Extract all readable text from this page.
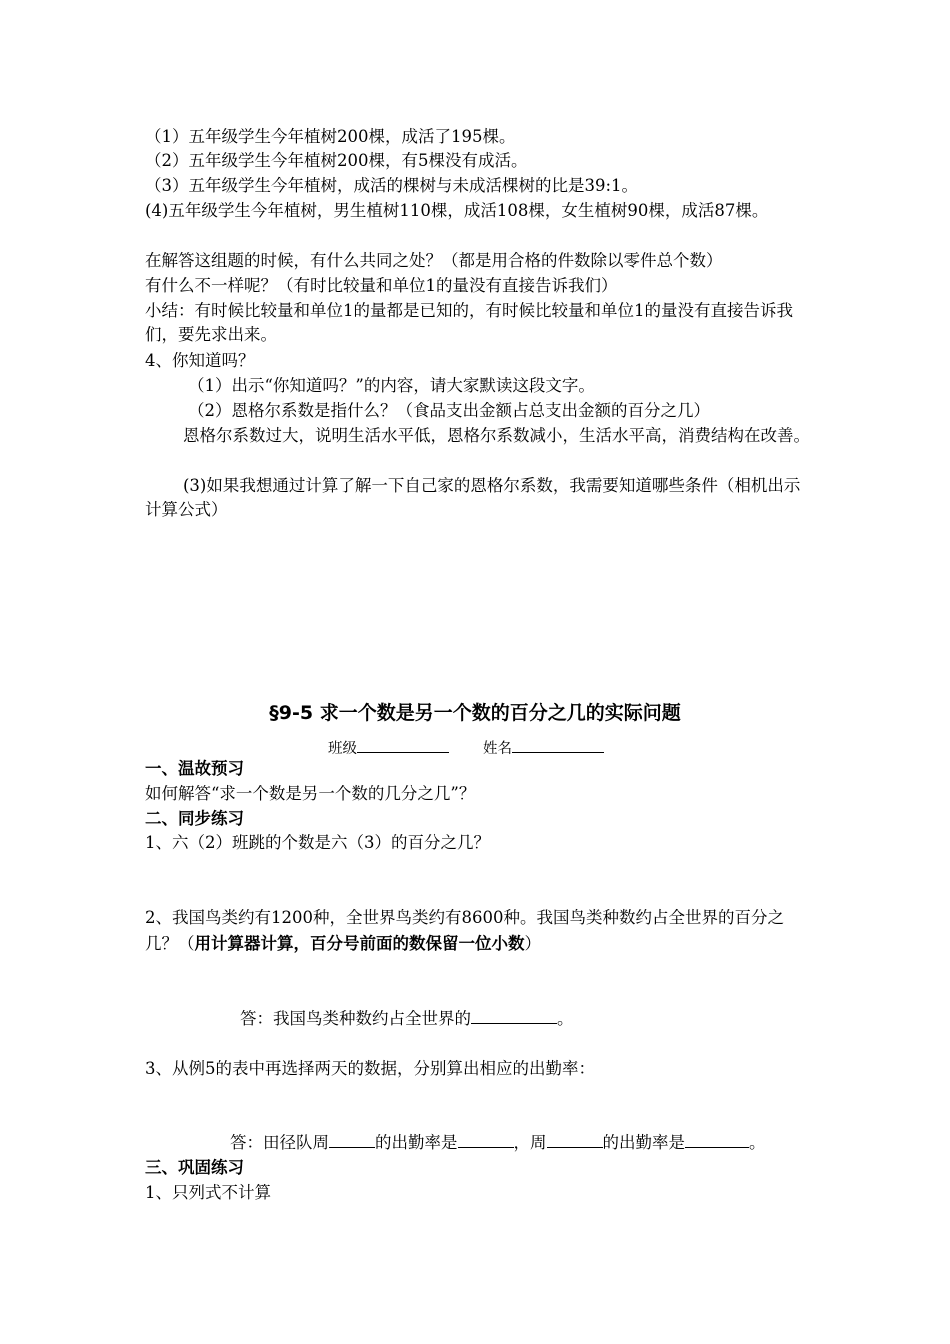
（1）五年级学生今年植树200棵，成活了195棵。
（2）五年级学生今年植树200棵，有5棵没有成活。
（3）五年级学生今年植树，成活的棵树与未成活棵树的比是39:1。
(4)五年级学生今年植树，男生植树110棵，成活108棵，女生植树90棵，成活87棵。
在解答这组题的时候，有什么共同之处？（都是用合格的件数除以零件总个数）
有什么不一样呢？（有时比较量和单位1的量没有直接告诉我们）
小结：有时候比较量和单位1的量都是已知的，有时候比较量和单位1的量没有直接告诉我们，要先求出来。
4、你知道吗？
（1）出示“你知道吗？”的内容，请大家默读这段文字。
（2）恩格尔系数是指什么？（食品支出金额占总支出金额的百分之几）
恩格尔系数过大，说明生活水平低，恩格尔系数减小，生活水平高，消费结构在改善。
(3)如果我想通过计算了解一下自己家的恩格尔系数，我需要知道哪些条件（相机出示计算公式）
§9-5 求一个数是另一个数的百分之几的实际问题
班级	姓名
一、温故预习
如何解答“求一个数是另一个数的几分之几”？
二、同步练习
1、六（2）班跳的个数是六（3）的百分之几？
2、我国鸟类约有1200种，全世界鸟类约有8600种。我国鸟类种数约占全世界的百分之几？（用计算器计算，百分号前面的数保留一位小数）
答：我国鸟类种数约占全世界的	。
3、从例5的表中再选择两天的数据，分别算出相应的出勤率：
答：田径队周	的出勤率是	，周	的出勤率是	。
三、巩固练习
1、只列式不计算
